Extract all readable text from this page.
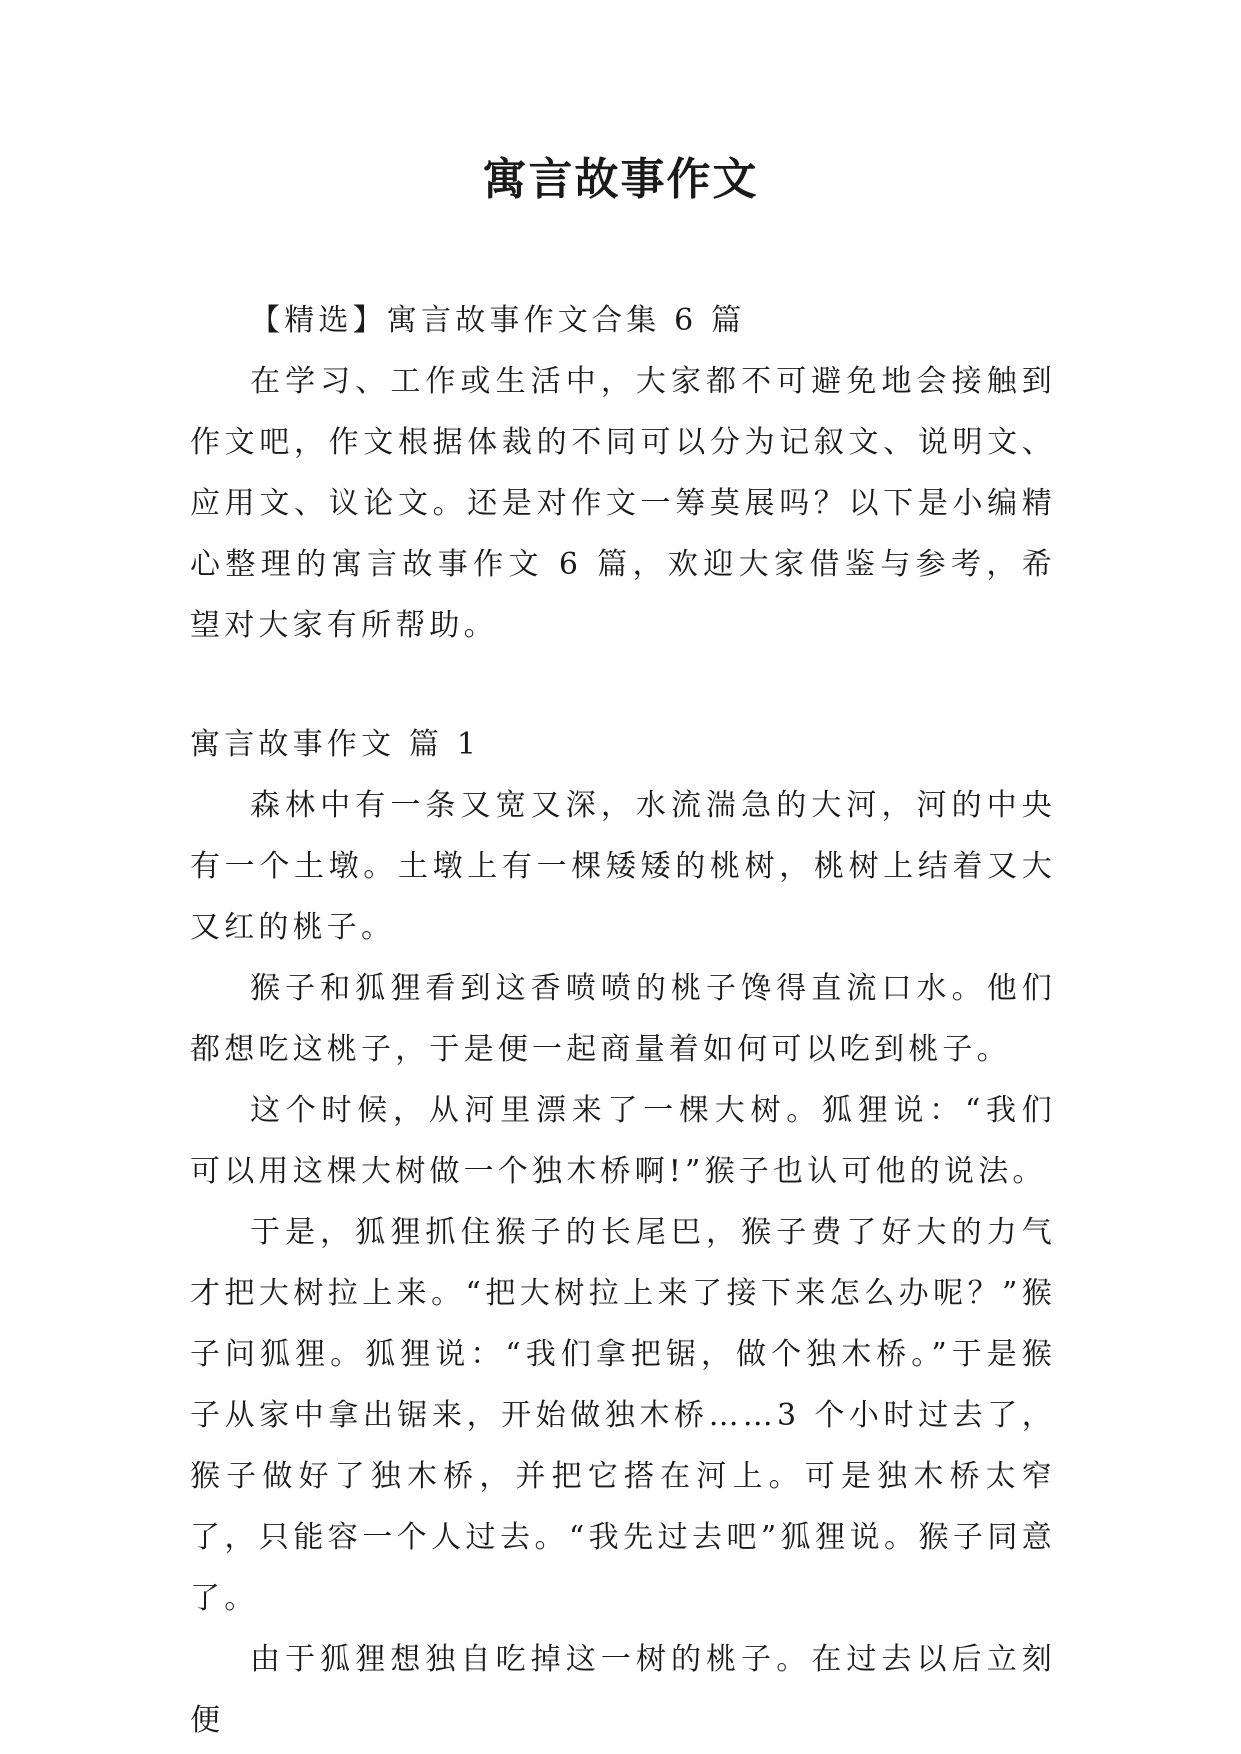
寓言故事作文

【精选】寓言故事作文合集 6 篇

在学习、工作或生活中，大家都不可避免地会接触到作文吧，作文根据体裁的不同可以分为记叙文、说明文、应用文、议论文。还是对作文一筹莫展吗？以下是小编精心整理的寓言故事作文 6 篇，欢迎大家借鉴与参考，希望对大家有所帮助。

寓言故事作文 篇 1

森林中有一条又宽又深，水流湍急的大河，河的中央有一个土墩。土墩上有一棵矮矮的桃树，桃树上结着又大又红的桃子。

猴子和狐狸看到这香喷喷的桃子馋得直流口水。他们都想吃这桃子，于是便一起商量着如何可以吃到桃子。

这个时候，从河里漂来了一棵大树。狐狸说：“我们可以用这棵大树做一个独木桥啊!”猴子也认可他的说法。

于是，狐狸抓住猴子的长尾巴，猴子费了好大的力气才把大树拉上来。“把大树拉上来了接下来怎么办呢？”猴子问狐狸。狐狸说：“我们拿把锯，做个独木桥。”于是猴子从家中拿出锯来，开始做独木桥……3 个小时过去了，猴子做好了独木桥，并把它搭在河上。可是独木桥太窄了，只能容一个人过去。“我先过去吧”狐狸说。猴子同意了。

由于狐狸想独自吃掉这一树的桃子。在过去以后立刻便
